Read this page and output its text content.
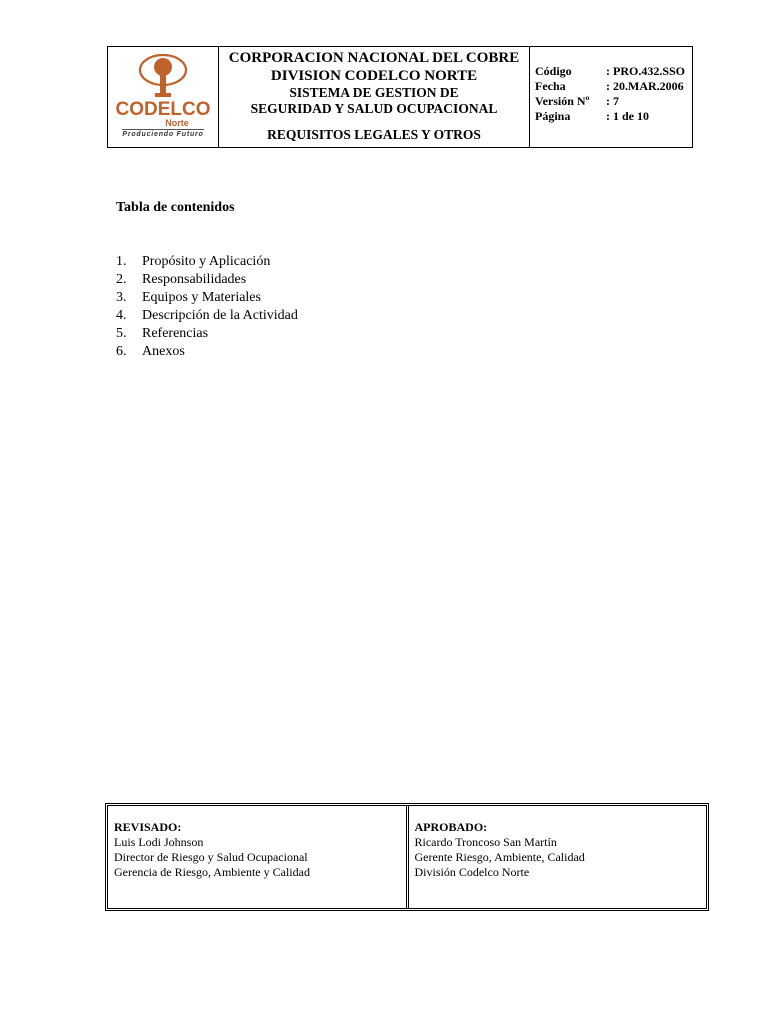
CODELCO
Norte
Produciendo Futuro
CORPORACION NACIONAL DEL COBRE
DIVISION CODELCO NORTE
SISTEMA DE GESTION DE
SEGURIDAD Y SALUD OCUPACIONAL
REQUISITOS LEGALES Y OTROS
Código	: PRO.432.SSO
Fecha	: 20.MAR.2006
Versión Nº	: 7
Página	: 1 de 10
Tabla de contenidos
1.	Propósito y Aplicación
2.	Responsabilidades
3.	Equipos y Materiales
4.	Descripción de la Actividad
5.	Referencias
6.	Anexos
REVISADO:
Luis Lodi Johnson
Director de Riesgo y Salud Ocupacional
Gerencia de Riesgo, Ambiente y Calidad
APROBADO:
Ricardo Troncoso San Martín
Gerente Riesgo, Ambiente, Calidad
División Codelco Norte
